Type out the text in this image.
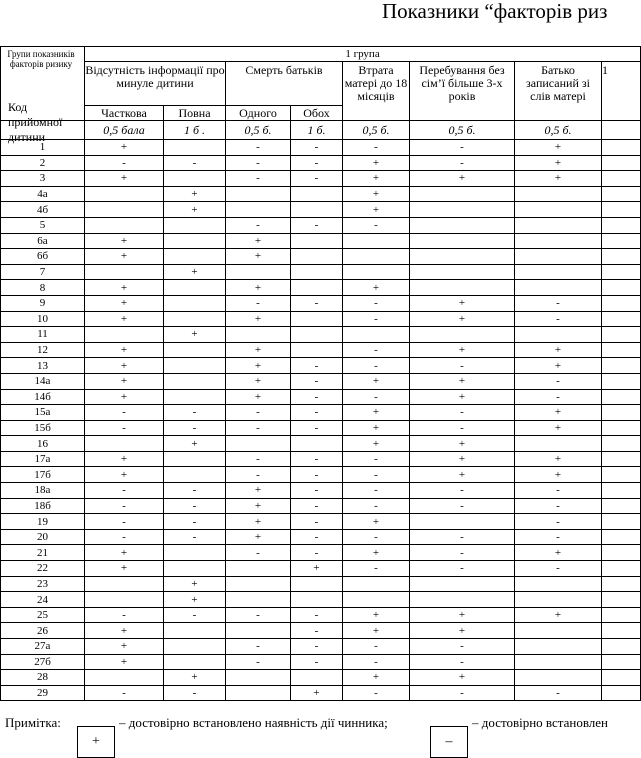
Показники “факторів риз
Групи показників факторів ризику
Код прийомної дитини	1 група							
	Відсутність інформації про минуле дитини		Смерть батьків		Втрата матері до 18 місяців	Перебування без сім’ї більше 3-х років	Батько записаний зі слів матері	1
	Часткова	Повна	Одного	Обох				
	0,5 бала	1 б .	0,5 б.	1 б.	0,5 б.	0,5 б.	0,5 б.	
1	+		-	-	-	-	+	
2	-	-	-	-	+	-	+	
3	+		-	-	+	+	+	
4а		+			+			
4б		+			+			
5			-	-	-			
6а	+		+					
6б	+		+					
7		+						
8	+		+		+			
9	+		-	-	-	+	-	
10	+		+		-	+	-	
11		+						
12	+		+		-	+	+	
13	+		+	-	-	-	+	
14а	+		+	-	+	+	-	
14б	+		+	-	-	+	-	
15а	-	-	-	-	+	-	+	
15б	-	-	-	-	+	-	+	
16		+			+	+		
17а	+		-	-	-	+	+	
17б	+		-	-	-	+	+	
18а	-	-	+	-	-	-	-	
18б	-	-	+	-	-	-	-	
19	-	-	+	-	+		-	
20	-	-	+	-	-	-	-	
21	+		-	-	+	-	+	
22	+			+	-	-	-	
23		+						
24		+						
25	-	-	-	-	+	+	+	
26	+			-	+	+		
27а	+		-	-	-	-		
27б	+		-	-	-	-		
28		+			+	+		
29	-	-		+	-	-	-	
Примітка:
+
– достовірно встановлено наявність дії чинника;
–
– достовірно встановлен
